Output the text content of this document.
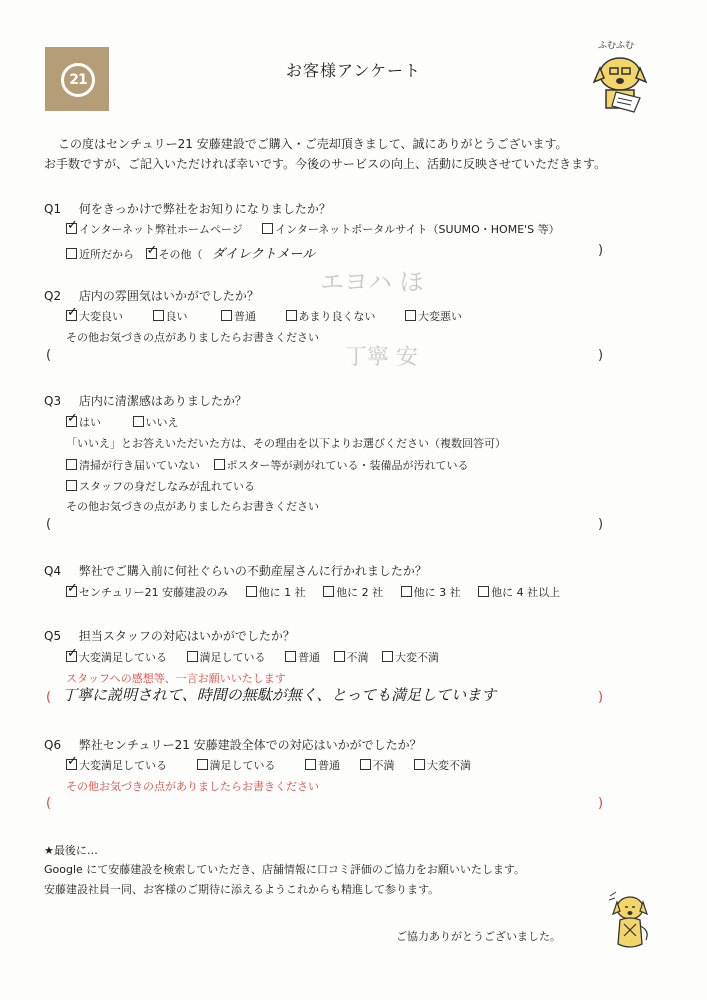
21	お客様アンケート
ふむふむ
この度はセンチュリー21 安藤建設でご購入・ご売却頂きまして、誠にありがとうございます。
お手数ですが、ご記入いただければ幸いです。今後のサービスの向上、活動に反映させていただきます。
エヨハ ほ
丁寧 安
Q1 何をきっかけで弊社をお知りになりましたか？
✓ インターネット弊社ホームページ	インターネットポータルサイト（SUUMO・HOME'S 等）
近所だから ✓ その他（ ダイレクトメール	)
Q2 店内の雰囲気はいかがでしたか？
✓ 大変良い	良い	普通	あまり良くない	大変悪い
その他お気づきの点がありましたらお書きください
(	)
Q3 店内に清潔感はありましたか？
✓ はい	いいえ
「いいえ」とお答えいただいた方は、その理由を以下よりお選びください（複数回答可）
清掃が行き届いていない ポスター等が剥がれている・装備品が汚れている
スタッフの身だしなみが乱れている
その他お気づきの点がありましたらお書きください
(	)
Q4 弊社でご購入前に何社ぐらいの不動産屋さんに行かれましたか？
✓ センチュリー21 安藤建設のみ	他に 1 社	他に 2 社	他に 3 社	他に 4 社以上
Q5 担当スタッフの対応はいかがでしたか？
✓ 大変満足している	満足している	普通 不満 大変不満
スタッフへの感想等、一言お願いいたします
( 丁寧に説明されて、時間の無駄が無く、とっても満足しています	)
Q6 弊社センチュリー21 安藤建設全体での対応はいかがでしたか？
✓ 大変満足している	満足している	普通	不満	大変不満
その他お気づきの点がありましたらお書きください
(	)
★最後に…
Google にて安藤建設を検索していただき、店舗情報に口コミ評価のご協力をお願いいたします。
安藤建設社員一同、お客様のご期待に添えるようこれからも精進して参ります。
ご協力ありがとうございました。
